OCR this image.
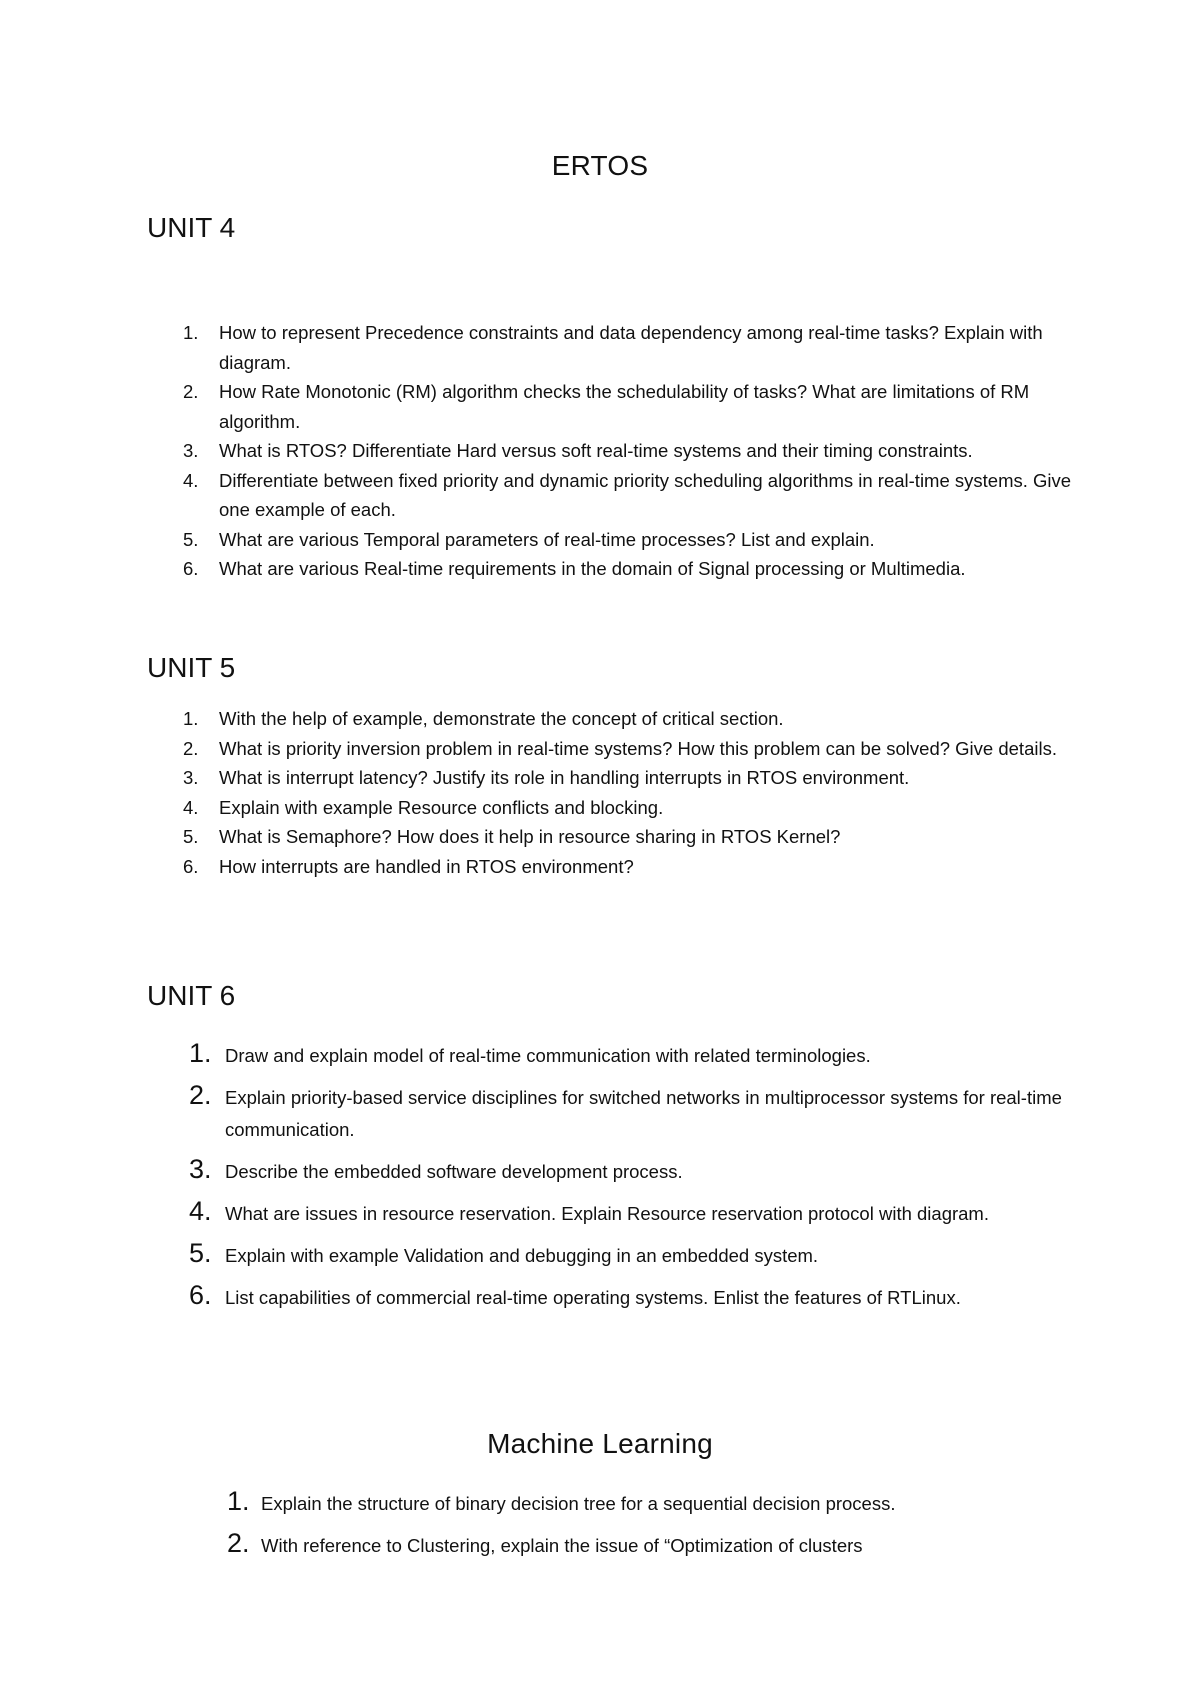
ERTOS
UNIT 4
1.	How to represent Precedence constraints and data dependency among real-time tasks? Explain with diagram.
2.	How Rate Monotonic (RM) algorithm checks the schedulability of tasks? What are limitations of RM algorithm.
3.	What is RTOS? Differentiate Hard versus soft real-time systems and their timing constraints.
4.	Differentiate between fixed priority and dynamic priority scheduling algorithms in real-time systems. Give one example of each.
5.	What are various Temporal parameters of real-time processes? List and explain.
6.	What are various Real-time requirements in the domain of Signal processing or Multimedia.
UNIT 5
1.	With the help of example, demonstrate the concept of critical section.
2.	What is priority inversion problem in real-time systems? How this problem can be solved? Give details.
3.	What is interrupt latency? Justify its role in handling interrupts in RTOS environment.
4.	Explain with example Resource conflicts and blocking.
5.	What is Semaphore? How does it help in resource sharing in RTOS Kernel?
6.	How interrupts are handled in RTOS environment?
UNIT 6
1. Draw and explain model of real-time communication with related terminologies.
2. Explain priority-based service disciplines for switched networks in multiprocessor systems for real-time communication.
3. Describe the embedded software development process.
4. What are issues in resource reservation. Explain Resource reservation protocol with diagram.
5. Explain with example Validation and debugging in an embedded system.
6. List capabilities of commercial real-time operating systems. Enlist the features of RTLinux.
Machine Learning
1. Explain the structure of binary decision tree for a sequential decision process.
2. With reference to Clustering, explain the issue of “Optimization of clusters
